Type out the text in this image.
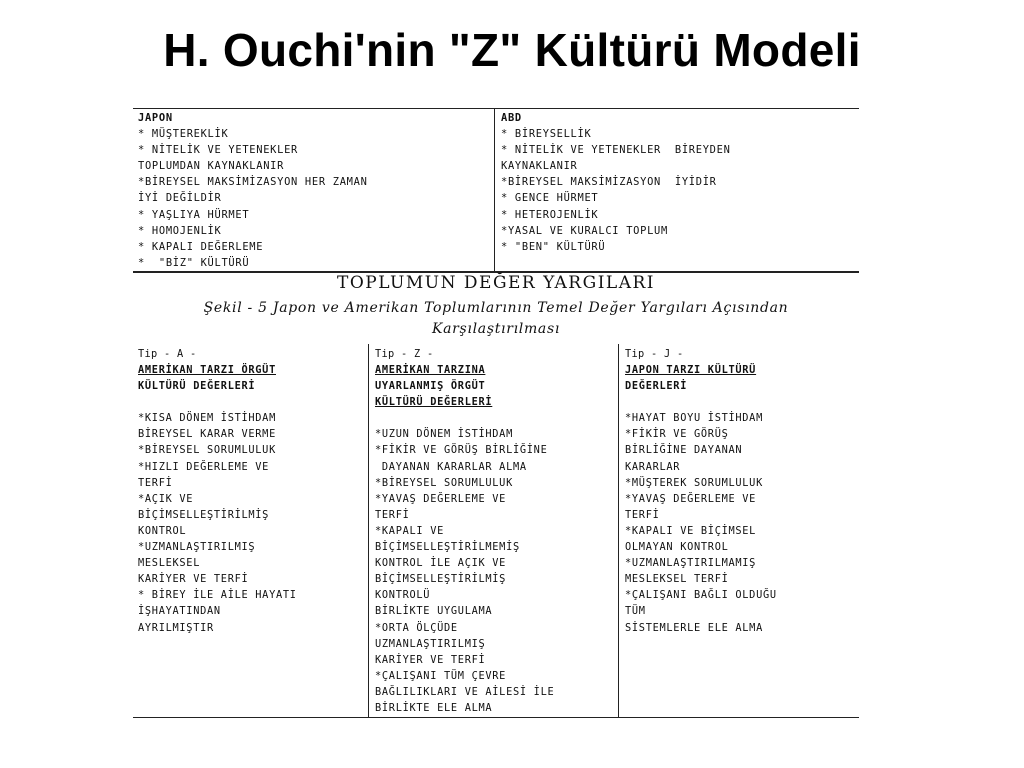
H. Ouchi'nin "Z" Kültürü Modeli
JAPON
* MÜŞTEREKLİK
* NİTELİK VE YETENEKLER
TOPLUMDAN KAYNAKLANIR
*BİREYSEL MAKSİMİZASYON HER ZAMAN
İYİ DEĞİLDİR
* YAŞLIYA HÜRMET
* HOMOJENLİK
* KAPALI DEĞERLEME
*  "BİZ" KÜLTÜRÜ
ABD
* BİREYSELLİK
* NİTELİK VE YETENEKLER  BİREYDEN
KAYNAKLANIR
*BİREYSEL MAKSİMİZASYON  İYİDİR
* GENCE HÜRMET
* HETEROJENLİK
*YASAL VE KURALCI TOPLUM
* "BEN" KÜLTÜRÜ
TOPLUMUN DEĞER YARGILARI
Şekil - 5 Japon ve Amerikan Toplumlarının Temel Değer Yargıları Açısından
Karşılaştırılması
Tip - A -
AMERİKAN TARZI ÖRGÜT
KÜLTÜRÜ DEĞERLERİ
*KISA DÖNEM İSTİHDAM
BİREYSEL KARAR VERME
*BİREYSEL SORUMLULUK
*HIZLI DEĞERLEME VE
TERFİ
*AÇIK VE
BİÇİMSELLEŞTİRİLMİŞ
KONTROL
*UZMANLAŞTIRILMIŞ
MESLEKSEL
KARİYER VE TERFİ
* BİREY İLE AİLE HAYATI
İŞHAYATINDAN
AYRILMIŞTIR
Tip - Z -
AMERİKAN TARZINA
UYARLANMIŞ ÖRGÜT
KÜLTÜRÜ DEĞERLERİ
*UZUN DÖNEM İSTİHDAM
*FİKİR VE GÖRÜŞ BİRLİĞİNE
DAYANAN KARARLAR ALMA
*BİREYSEL SORUMLULUK
*YAVAŞ DEĞERLEME VE
TERFİ
*KAPALI VE
BİÇİMSELLEŞTİRİLMEMİŞ
KONTROL İLE AÇIK VE
BİÇİMSELLEŞTİRİLMİŞ
KONTROLÜ
BİRLİKTE UYGULAMA
*ORTA ÖLÇÜDE
UZMANLAŞTIRILMIŞ
KARİYER VE TERFİ
*ÇALIŞANI TÜM ÇEVRE
BAĞLILIKLARI VE AİLESİ İLE
BİRLİKTE ELE ALMA
Tip - J -
JAPON TARZI KÜLTÜRÜ
DEĞERLERİ
*HAYAT BOYU İSTİHDAM
*FİKİR VE GÖRÜŞ
BİRLİĞİNE DAYANAN
KARARLAR
*MÜŞTEREK SORUMLULUK
*YAVAŞ DEĞERLEME VE
TERFİ
*KAPALI VE BİÇİMSEL
OLMAYAN KONTROL
*UZMANLAŞTIRILMAMIŞ
MESLEKSEL TERFİ
*ÇALIŞANI BAĞLI OLDUĞU
TÜM
SİSTEMLERLE ELE ALMA
